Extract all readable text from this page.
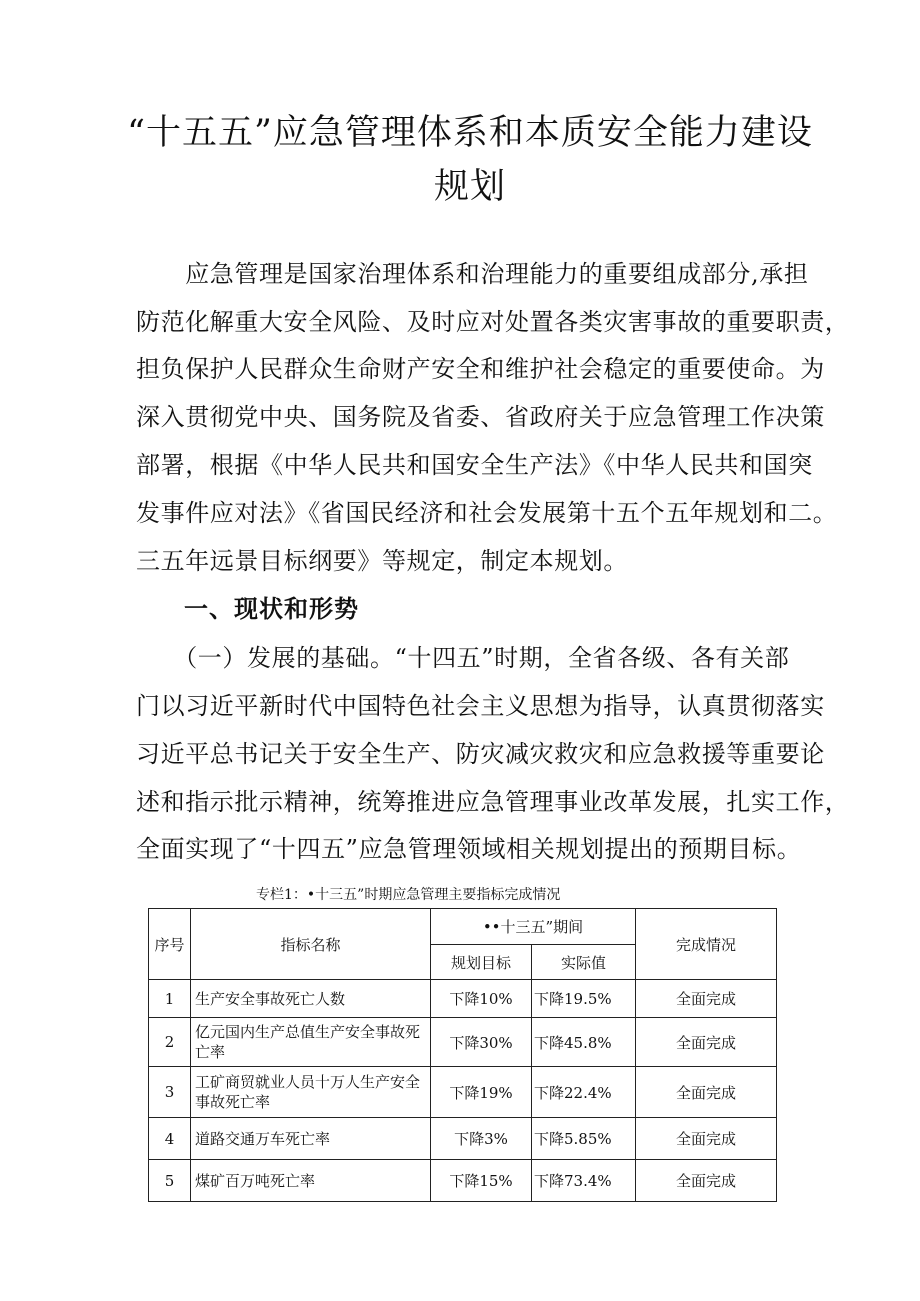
“十五五”应急管理体系和本质安全能力建设
规划
　　应急管理是国家治理体系和治理能力的重要组成部分,承担
防范化解重大安全风险、及时应对处置各类灾害事故的重要职责，
担负保护人民群众生命财产安全和维护社会稳定的重要使命。为
深入贯彻党中央、国务院及省委、省政府关于应急管理工作决策
部署，根据《中华人民共和国安全生产法》《中华人民共和国突
发事件应对法》《省国民经济和社会发展第十五个五年规划和二。
三五年远景目标纲要》等规定，制定本规划。
一、现状和形势
　　（一）发展的基础。“十四五”时期，全省各级、各有关部
门以习近平新时代中国特色社会主义思想为指导，认真贯彻落实
习近平总书记关于安全生产、防灾减灾救灾和应急救援等重要论
述和指示批示精神，统筹推进应急管理事业改革发展，扎实工作，
全面实现了“十四五”应急管理领域相关规划提出的预期目标。
专栏1：•十三五”时期应急管理主要指标完成情况
序号	指标名称	••十三五”期间		完成情况
		规划目标	实际值	
1	生产安全事故死亡人数	下降10%	下降19.5%	全面完成
2	亿元国内生产总值生产安全事故死亡率	下降30%	下降45.8%	全面完成
3	工矿商贸就业人员十万人生产安全事故死亡率	下降19%	下降22.4%	全面完成
4	道路交通万车死亡率	下降3%	下降5.85%	全面完成
5	煤矿百万吨死亡率	下降15%	下降73.4%	全面完成
